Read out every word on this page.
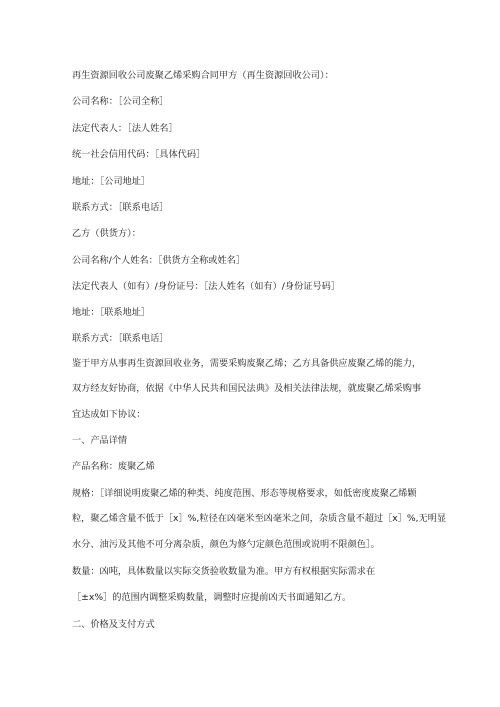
再生资源回收公司废聚乙烯采购合同甲方（再生资源回收公司）：
公司名称：［公司全称］
法定代表人：［法人姓名］
统一社会信用代码：［具体代码］
地址：［公司地址］
联系方式：［联系电话］
乙方（供货方）：
公司名称/个人姓名：［供货方全称或姓名］
法定代表人（如有）/身份证号：［法人姓名（如有）/身份证号码］
地址：［联系地址］
联系方式：［联系电话］
鉴于甲方从事再生资源回收业务，需要采购废聚乙烯；乙方具备供应废聚乙烯的能力，
双方经友好协商，依据《中华人民共和国民法典》及相关法律法规，就废聚乙烯采购事
宜达成如下协议：
一、产品详情
产品名称：废聚乙烯
规格：［详细说明废聚乙烯的种类、纯度范围、形态等规格要求，如低密度废聚乙烯颗
粒，聚乙烯含量不低于［x］%,粒径在凶毫米至凶毫米之间，杂质含量不超过［x］%,无明显
水分、油污及其他不可分离杂质，颜色为修勺定颜色范围或说明不限颜色］。
数量：凶吨，具体数量以实际交货验收数量为准。甲方有权根据实际需求在
［±x%］的范围内调整采购数量，调整时应提前凶天书面通知乙方。
二、价格及支付方式
